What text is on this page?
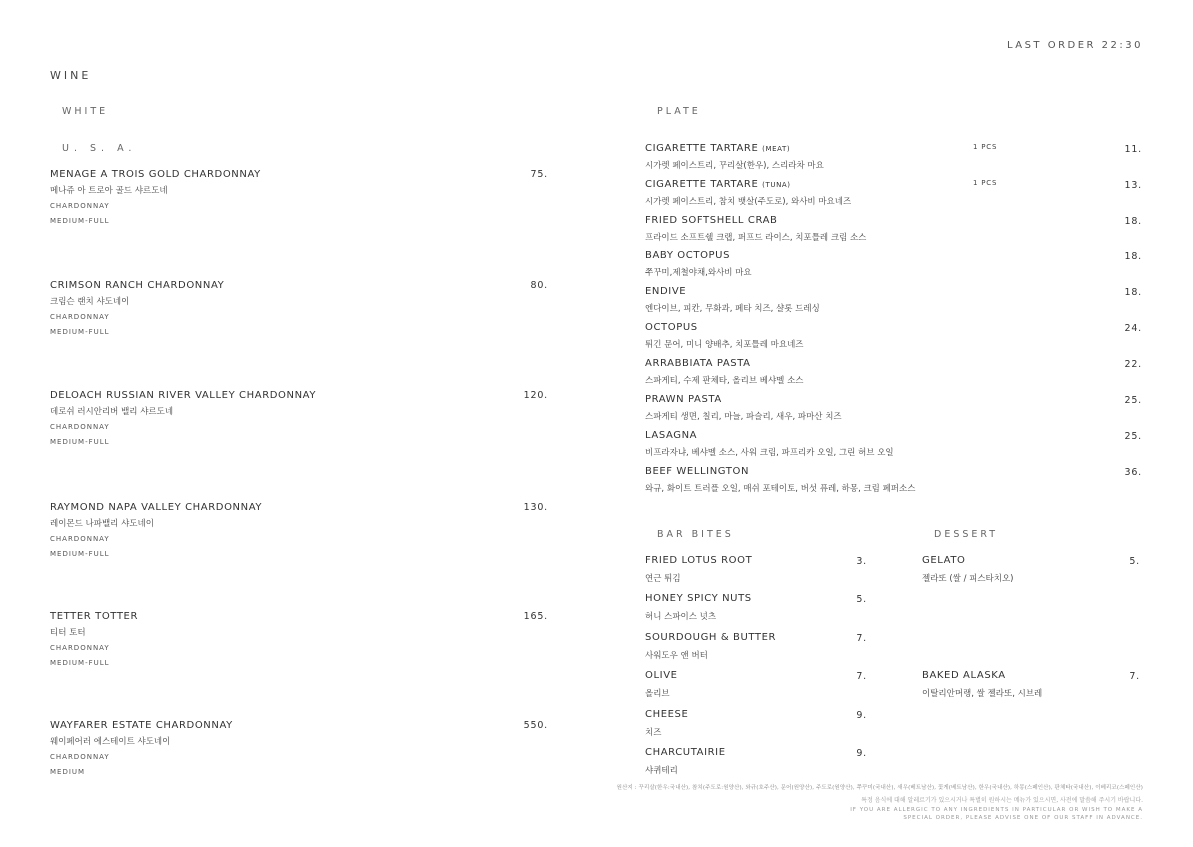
LAST ORDER 22:30
WINE
WHITE
U. S. A.
MENAGE A TROIS GOLD CHARDONNAY	75.
메나쥬 아 트로아 골드 샤르도네
CHARDONNAY
MEDIUM-FULL
CRIMSON RANCH CHARDONNAY	80.
크림슨 랜치 샤도네이
CHARDONNAY
MEDIUM-FULL
DELOACH RUSSIAN RIVER VALLEY CHARDONNAY	120.
데로쉬 러시안리버 밸리 샤르도네
CHARDONNAY
MEDIUM-FULL
RAYMOND NAPA VALLEY CHARDONNAY	130.
레이몬드 나파밸리 샤도네이
CHARDONNAY
MEDIUM-FULL
TETTER TOTTER	165.
티터 토터
CHARDONNAY
MEDIUM-FULL
WAYFARER ESTATE CHARDONNAY	550.
웨이페어러 에스테이트 샤도네이
CHARDONNAY
MEDIUM
PLATE
CIGARETTE TARTARE (MEAT)	1 PCS	11.
시가렛 페이스트리, 꾸리살(한우), 스리라차 마요
CIGARETTE TARTARE (TUNA)	1 PCS	13.
시가렛 페이스트리, 참치 뱃살(주도로), 와사비 마요네즈
FRIED SOFTSHELL CRAB	18.
프라이드 소프트쉘 크랩, 퍼프드 라이스, 치포틀레 크림 소스
BABY OCTOPUS	18.
쭈꾸미,제철야채,와사비 마요
ENDIVE	18.
엔다이브, 피칸, 무화과, 페타 치즈, 샬롯 드레싱
OCTOPUS	24.
튀긴 문어, 미니 양배추, 치포틀레 마요네즈
ARRABBIATA PASTA	22.
스파게티, 수제 판체타, 올리브 베샤멜 소스
PRAWN PASTA	25.
스파게티 생면, 칠리, 마늘, 파슬리, 새우, 파마산 치즈
LASAGNA	25.
비프라자냐, 베샤멜 소스, 사워 크림, 파프리카 오일, 그린 허브 오일
BEEF WELLINGTON	36.
와규, 화이트 트러플 오일, 매쉬 포테이토, 버섯 퓨레, 하몽, 크림 페퍼소스
BAR BITES
FRIED LOTUS ROOT	3.
연근 튀김
HONEY SPICY NUTS	5.
허니 스파이스 넛츠
SOURDOUGH & BUTTER	7.
사워도우 앤 버터
OLIVE	7.
올리브
CHEESE	9.
치즈
CHARCUTAIRIE	9.
샤퀴테리
DESSERT
GELATO	5.
젤라또 (쌀 / 피스타치오)
BAKED ALASKA	7.
이탈리안머랭, 쌀 젤라또, 시브레
원산지 : 꾸리살(한우:국내산), 참치(주도로:원양산), 와규(호주산), 문어(원양산), 주도로(원양산), 쭈꾸미(국내산), 새우(베트남산), 꽃게(베트남산), 한우(국내산), 하몽(스페인산), 판체타(국내산), 이베리코(스페인산)
특정 음식에 대해 알레르기가 있으시거나 특별히 원하시는 메뉴가 있으시면, 사전에 말씀해 주시기 바랍니다.
IF YOU ARE ALLERGIC TO ANY INGREDIENTS IN PARTICULAR OR WISH TO MAKE A
SPECIAL ORDER, PLEASE ADVISE ONE OF OUR STAFF IN ADVANCE.
